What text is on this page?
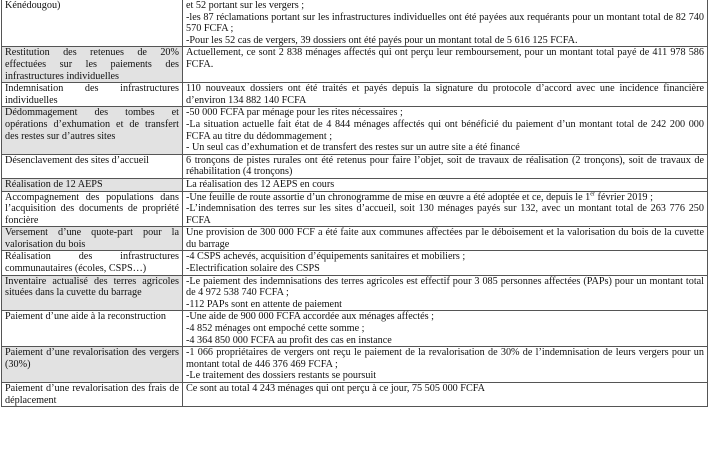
Kénédougou)	et 52 portant sur les vergers ;
-les 87 réclamations portant sur les infrastructures individuelles ont été payées aux requérants pour un montant total de 82 740 570 FCFA ;
-Pour les 52 cas de vergers, 39 dossiers ont été payés pour un montant total de 5 616 125 FCFA.

Restitution des retenues de 20% effectuées sur les paiements des infrastructures individuelles	Actuellement, ce sont 2 838 ménages affectés qui ont perçu leur remboursement, pour un montant total payé de 411 978 586 FCFA.

Indemnisation des infrastructures individuelles	110 nouveaux dossiers ont été traités et payés depuis la signature du protocole d’accord avec une incidence financière d’environ 134 882 140 FCFA

Dédommagement des tombes et opérations d’exhumation et de transfert des restes sur d’autres sites	-50 000 FCFA par ménage pour les rites nécessaires ;
-La situation actuelle fait état de 4 844 ménages affectés qui ont bénéficié du paiement d’un montant total de 242 200 000 FCFA au titre du dédommagement ;
- Un seul cas d’exhumation et de transfert des restes sur un autre site a été financé

Désenclavement des sites d’accueil	6 tronçons de pistes rurales ont été retenus pour faire l’objet, soit de travaux de réalisation (2 tronçons), soit de travaux de réhabilitation (4 tronçons)

Réalisation de 12 AEPS	La réalisation des 12 AEPS en cours

Accompagnement des populations dans l’acquisition des documents de propriété foncière	-Une feuille de route assortie d’un chronogramme de mise en œuvre a été adoptée et ce, depuis le 1er février 2019 ;
-L’indemnisation des terres sur les sites d’accueil, soit 130 ménages payés sur 132, avec un montant total de 263 776 250 FCFA

Versement d’une quote-part pour la valorisation du bois	Une provision de 300 000 FCF a été faite aux communes affectées par le déboisement et la valorisation du bois de la cuvette du barrage

Réalisation des infrastructures communautaires (écoles, CSPS…)	-4 CSPS achevés, acquisition d’équipements sanitaires et mobiliers ;
-Electrification solaire des CSPS

Inventaire actualisé des terres agricoles situées dans la cuvette du barrage	-Le paiement des indemnisations des terres agricoles est effectif pour 3 085 personnes affectées (PAPs) pour un montant total de 4 972 538 740 FCFA ;
-112 PAPs sont en attente de paiement

Paiement d’une aide à la reconstruction	-Une aide de 900 000 FCFA accordée aux ménages affectés ;
-4 852 ménages ont empoché cette somme ;
-4 364 850 000 FCFA au profit des cas en instance

Paiement d’une revalorisation des vergers (30%)	-1 066 propriétaires de vergers ont reçu le paiement de la revalorisation de 30% de l’indemnisation de leurs vergers pour un montant total de 446 376 469 FCFA ;
-Le traitement des dossiers restants se poursuit

Paiement d’une revalorisation des frais de déplacement	Ce sont au total 4 243 ménages qui ont perçu à ce jour, 75 505 000 FCFA
